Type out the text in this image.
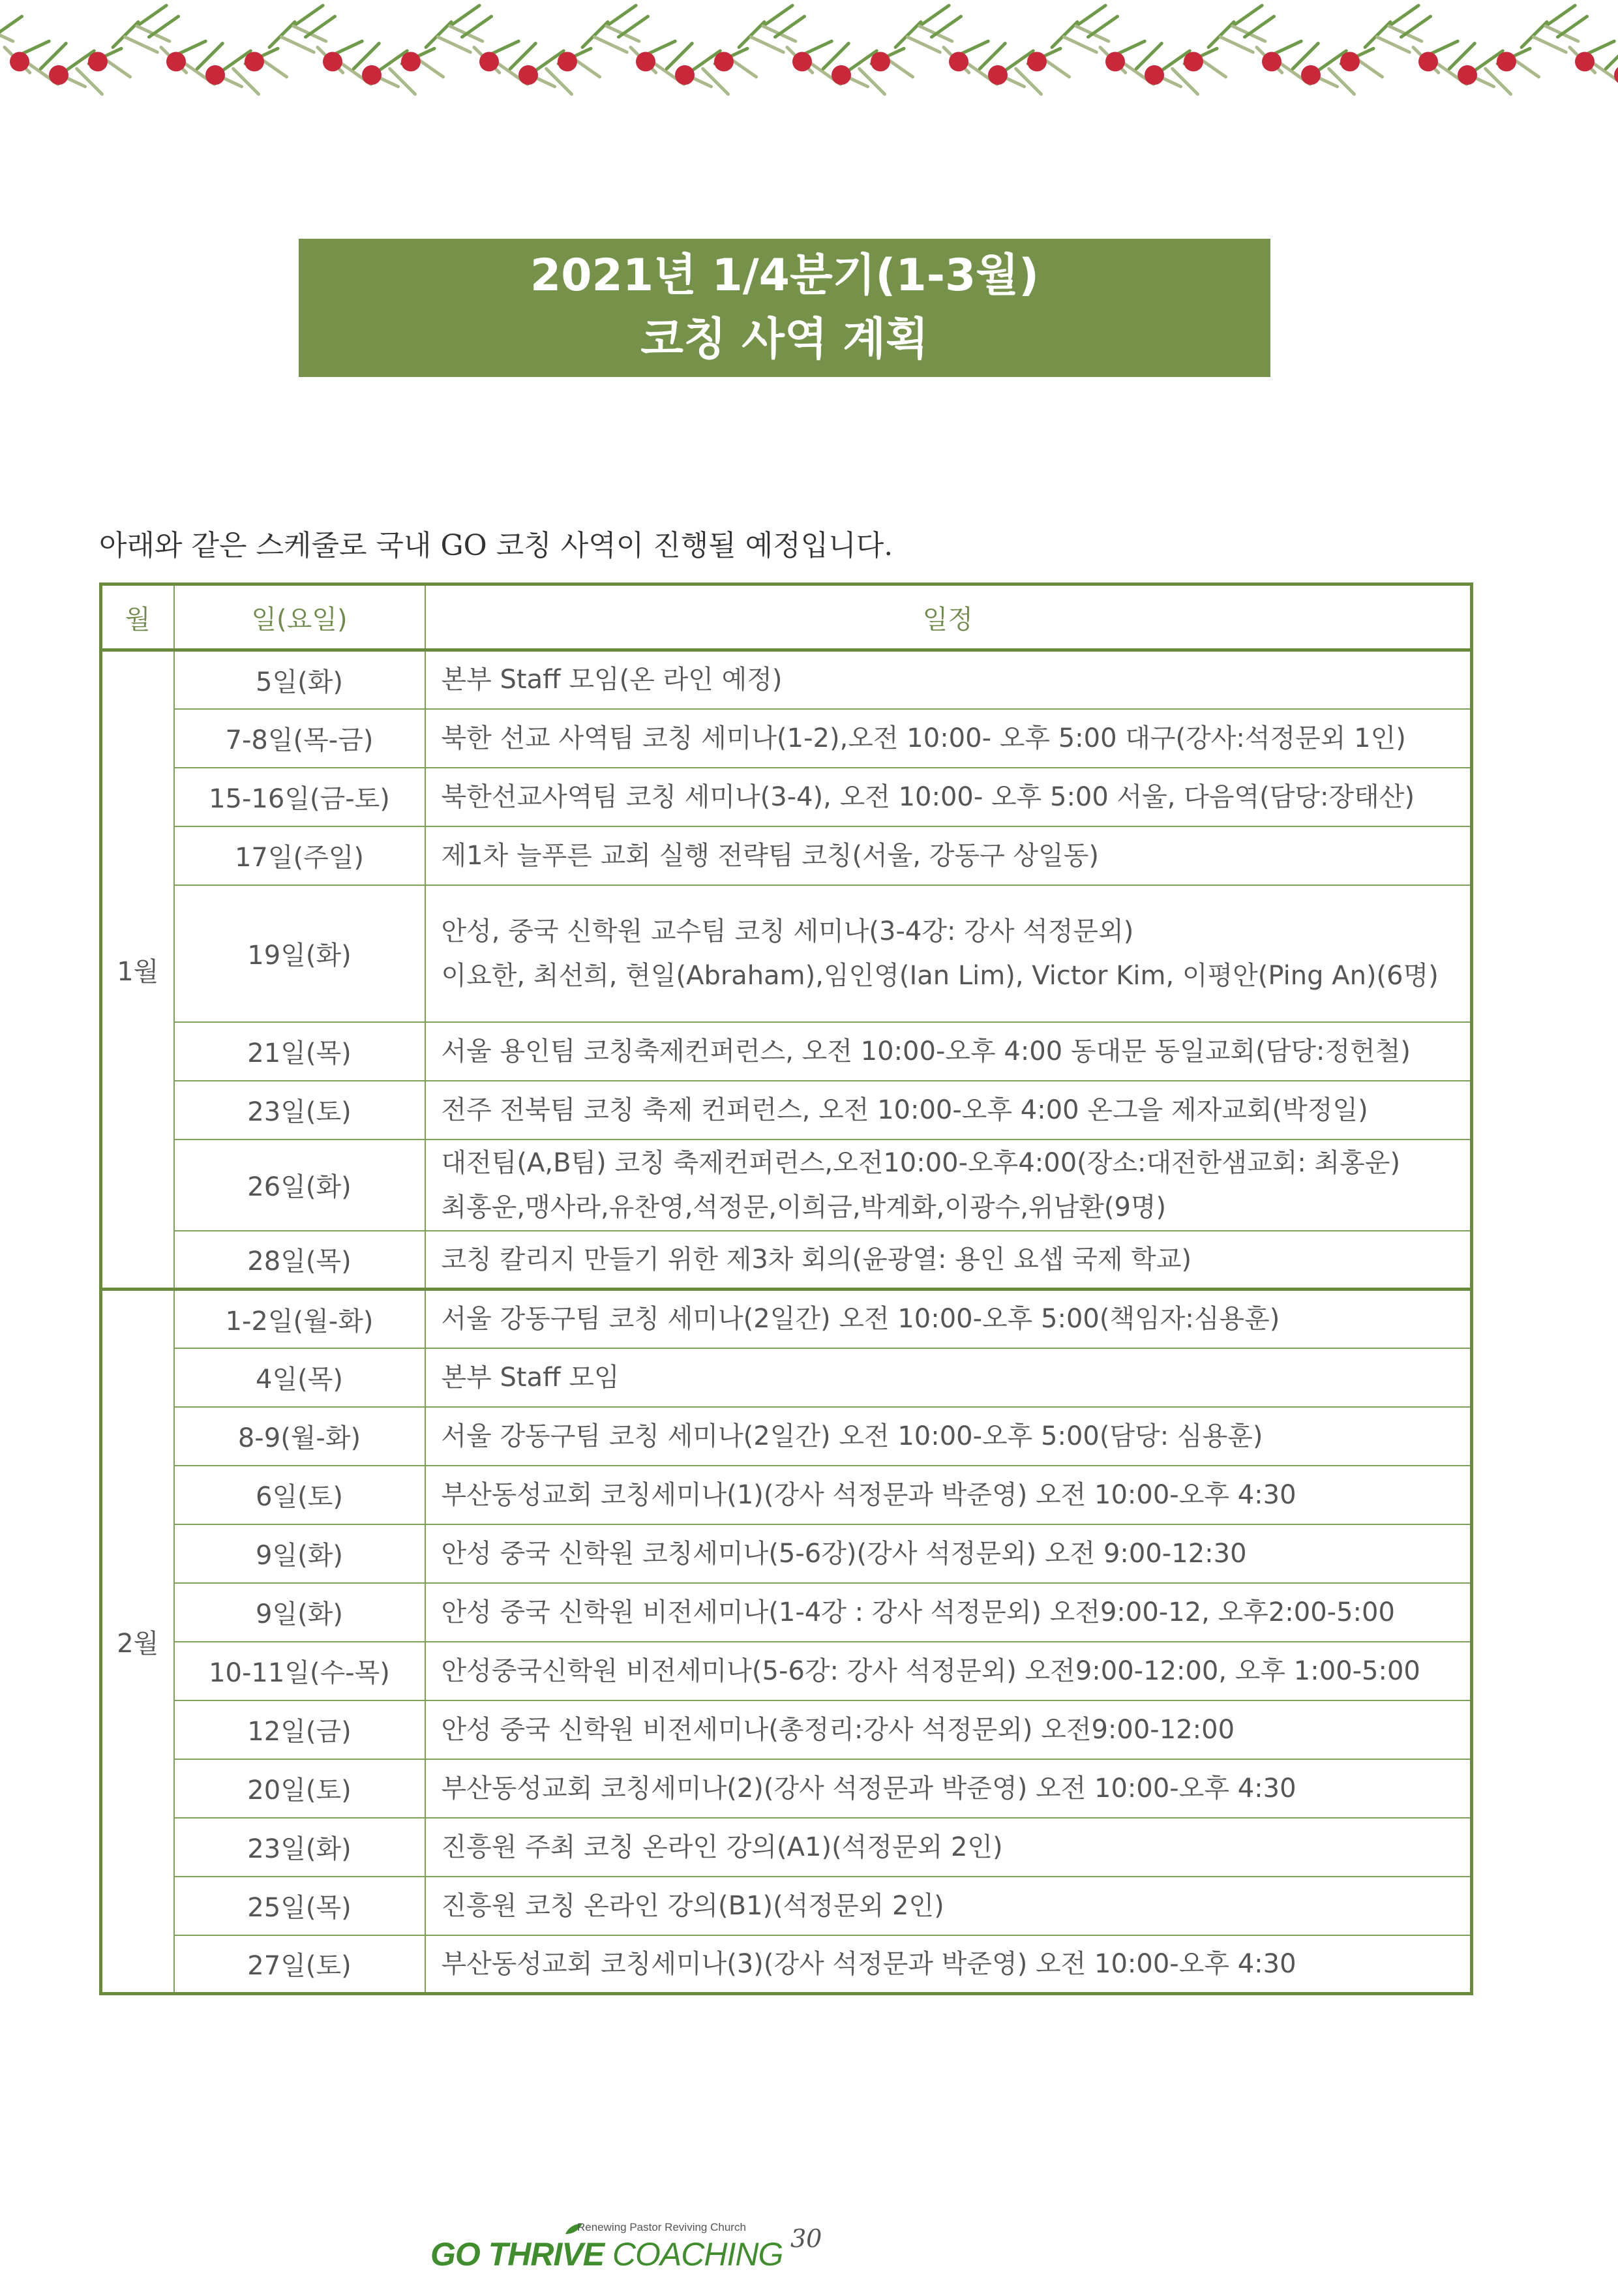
2021년 1/4분기(1-3월)
코칭 사역 계획
아래와 같은 스케줄로 국내 GO 코칭 사역이 진행될 예정입니다.
월	일(요일)	일정
1월	5일(화)	본부 Staff 모임(온 라인 예정)

	7-8일(목-금)	북한 선교 사역팀 코칭 세미나(1-2),오전 10:00- 오후 5:00 대구(강사:석정문외 1인)

	15-16일(금-토)	북한선교사역팀 코칭 세미나(3-4), 오전 10:00- 오후 5:00 서울, 다음역(담당:장태산)

	17일(주일)	제1차 늘푸른 교회 실행 전략팀 코칭(서울, 강동구 상일동)

	19일(화)	안성, 중국 신학원 교수팀 코칭 세미나(3-4강: 강사 석정문외)
이요한, 최선희, 현일(Abraham),임인영(Ian Lim), Victor Kim, 이평안(Ping An)(6명)

	21일(목)	서울 용인팀 코칭축제컨퍼런스, 오전 10:00-오후 4:00 동대문 동일교회(담당:정헌철)

	23일(토)	전주 전북팀 코칭 축제 컨퍼런스, 오전 10:00-오후 4:00 온그을 제자교회(박정일)

	26일(화)	대전팀(A,B팀) 코칭 축제컨퍼런스,오전10:00-오후4:00(장소:대전한샘교회: 최홍운)
최홍운,맹사라,유찬영,석정문,이희금,박계화,이광수,위남환(9명)

	28일(목)	코칭 칼리지 만들기 위한 제3차 회의(윤광열: 용인 요셉 국제 학교)

2월	1-2일(월-화)	서울 강동구팀 코칭 세미나(2일간) 오전 10:00-오후 5:00(책임자:심용훈)

	4일(목)	본부 Staff 모임

	8-9(월-화)	서울 강동구팀 코칭 세미나(2일간) 오전 10:00-오후 5:00(담당: 심용훈)

	6일(토)	부산동성교회 코칭세미나(1)(강사 석정문과 박준영) 오전 10:00-오후 4:30

	9일(화)	안성 중국 신학원 코칭세미나(5-6강)(강사 석정문외) 오전 9:00-12:30

	9일(화)	안성 중국 신학원 비전세미나(1-4강 : 강사 석정문외) 오전9:00-12, 오후2:00-5:00

	10-11일(수-목)	안성중국신학원 비전세미나(5-6강: 강사 석정문외) 오전9:00-12:00, 오후 1:00-5:00

	12일(금)	안성 중국 신학원 비전세미나(총정리:강사 석정문외) 오전9:00-12:00

	20일(토)	부산동성교회 코칭세미나(2)(강사 석정문과 박준영) 오전 10:00-오후 4:30

	23일(화)	진흥원 주최 코칭 온라인 강의(A1)(석정문외 2인)

	25일(목)	진흥원 코칭 온라인 강의(B1)(석정문외 2인)

	27일(토)	부산동성교회 코칭세미나(3)(강사 석정문과 박준영) 오전 10:00-오후 4:30
Renewing Pastor Reviving Church
GO THRIVE COACHING 30
